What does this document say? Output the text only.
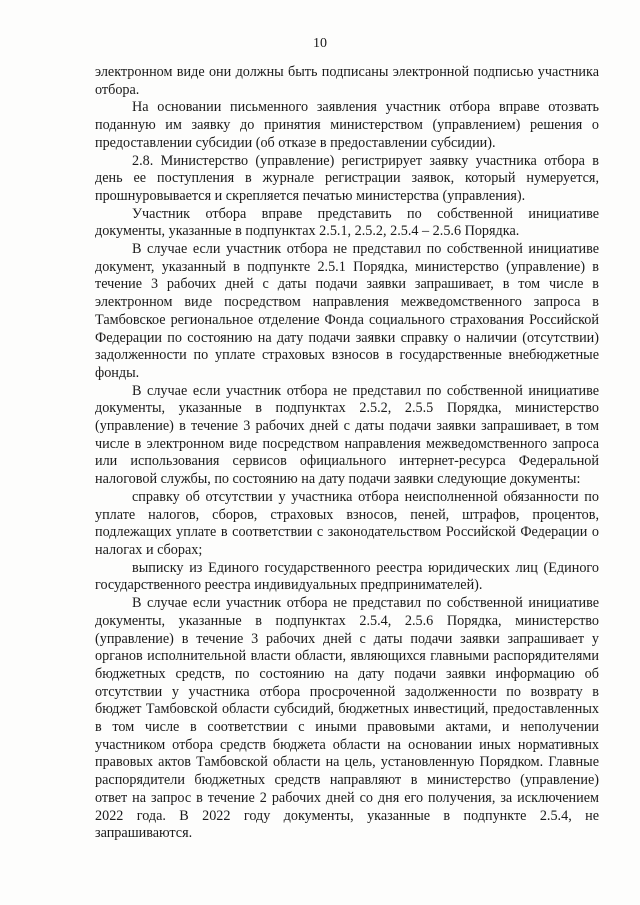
10

электронном виде они должны быть подписаны электронной подписью участника отбора.

На основании письменного заявления участник отбора вправе отозвать поданную им заявку до принятия министерством (управлением) решения о предоставлении субсидии (об отказе в предоставлении субсидии).

2.8. Министерство (управление) регистрирует заявку участника отбора в день ее поступления в журнале регистрации заявок, который нумеруется, прошнуровывается и скрепляется печатью министерства (управления).

Участник отбора вправе представить по собственной инициативе документы, указанные в подпунктах 2.5.1, 2.5.2, 2.5.4 – 2.5.6 Порядка.

В случае если участник отбора не представил по собственной инициативе документ, указанный в подпункте 2.5.1 Порядка, министерство (управление) в течение 3 рабочих дней с даты подачи заявки запрашивает, в том числе в электронном виде посредством направления межведомственного запроса в Тамбовское региональное отделение Фонда социального страхования Российской Федерации по состоянию на дату подачи заявки справку о наличии (отсутствии) задолженности по уплате страховых взносов в государственные внебюджетные фонды.

В случае если участник отбора не представил по собственной инициативе документы, указанные в подпунктах 2.5.2, 2.5.5 Порядка, министерство (управление) в течение 3 рабочих дней с даты подачи заявки запрашивает, в том числе в электронном виде посредством направления межведомственного запроса или использования сервисов официального интернет-ресурса Федеральной налоговой службы, по состоянию на дату подачи заявки следующие документы:

справку об отсутствии у участника отбора неисполненной обязанности по уплате налогов, сборов, страховых взносов, пеней, штрафов, процентов, подлежащих уплате в соответствии с законодательством Российской Федерации о налогах и сборах;

выписку из Единого государственного реестра юридических лиц (Единого государственного реестра индивидуальных предпринимателей).

В случае если участник отбора не представил по собственной инициативе документы, указанные в подпунктах 2.5.4, 2.5.6 Порядка, министерство (управление) в течение 3 рабочих дней с даты подачи заявки запрашивает у органов исполнительной власти области, являющихся главными распорядителями бюджетных средств, по состоянию на дату подачи заявки информацию об отсутствии у участника отбора просроченной задолженности по возврату в бюджет Тамбовской области субсидий, бюджетных инвестиций, предоставленных в том числе в соответствии с иными правовыми актами, и неполучении участником отбора средств бюджета области на основании иных нормативных правовых актов Тамбовской области на цель, установленную Порядком. Главные распорядители бюджетных средств направляют в министерство (управление) ответ на запрос в течение 2 рабочих дней со дня его получения, за исключением 2022 года. В 2022 году документы, указанные в подпункте 2.5.4, не запрашиваются.
